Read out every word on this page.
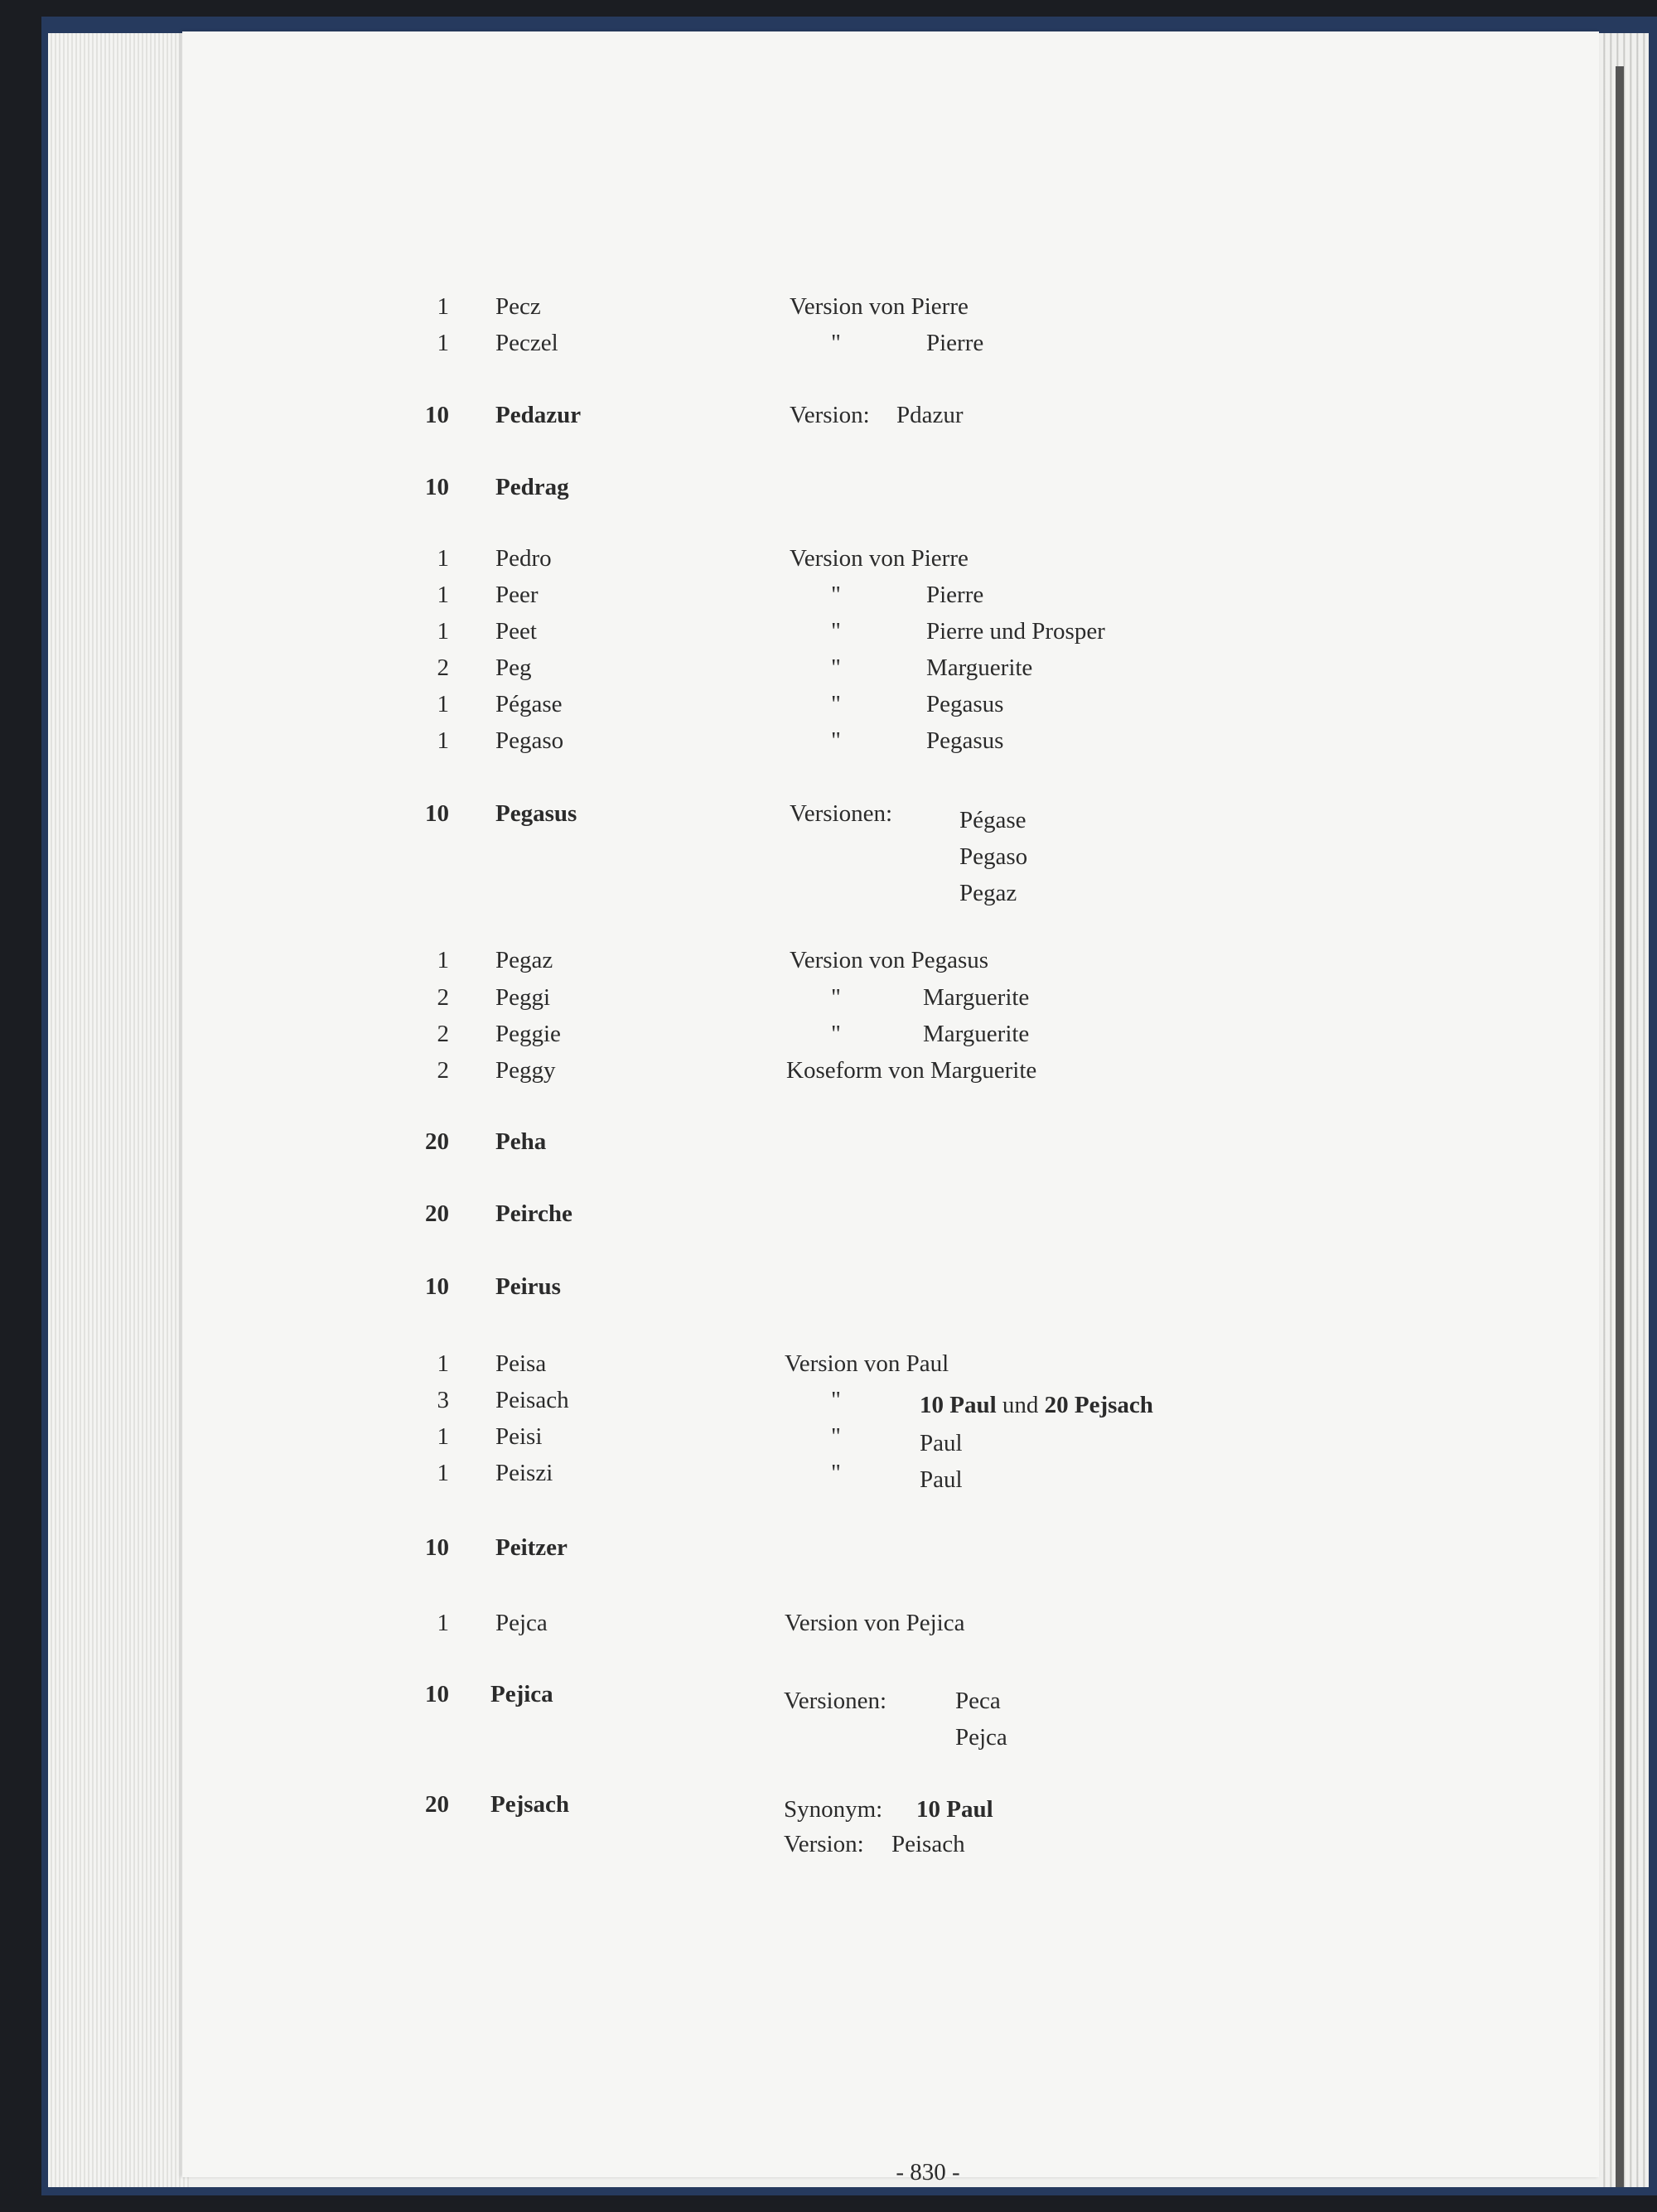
1 Pecz	Version von Pierre
1 Peczel	"	Pierre
10 Pedazur	Version: Pdazur
10 Pedrag
1 Pedro	Version von Pierre
1 Peer	"	Pierre
1 Peet	"	Pierre und Prosper
2 Peg	"	Marguerite
1 Pégase	"	Pegasus
1 Pegaso	"	Pegasus
10 Pegasus	Versionen:	Pégase
Pegaso
Pegaz
1 Pegaz	Version von Pegasus
2 Peggi	"	Marguerite
2 Peggie	"	Marguerite
2 Peggy	Koseform von Marguerite
20 Peha
20 Peirche
10 Peirus
1 Peisa	Version von Paul
3 Peisach	"	10 Paul und 20 Pejsach
1 Peisi	"	Paul
1 Peiszi	"	Paul
10 Peitzer
1 Pejca	Version von Pejica
10 Pejica	Versionen:	Peca
Pejca
20 Pejsach	Synonym: 10 Paul
Version: Peisach
- 830 -
